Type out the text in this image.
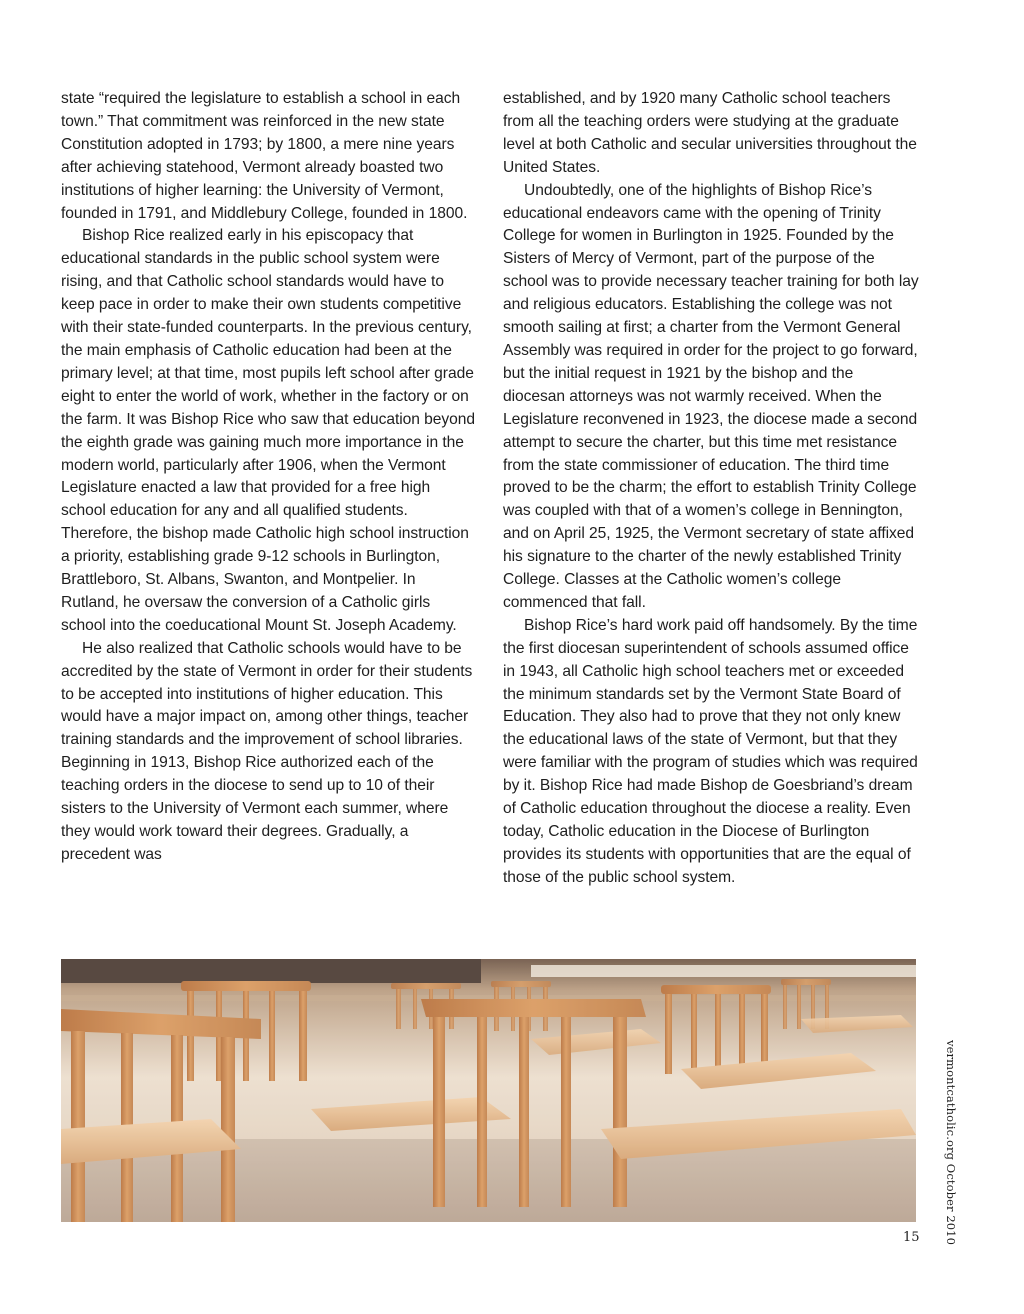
state “required the legislature to establish a school in each town.” That commitment was reinforced in the new state Constitution adopted in 1793; by 1800, a mere nine years after achieving statehood, Vermont already boasted two institutions of higher learning: the University of Vermont, founded in 1791, and Middlebury College, founded in 1800.

Bishop Rice realized early in his episcopacy that educational standards in the public school system were rising, and that Catholic school standards would have to keep pace in order to make their own students competitive with their state-funded counterparts. In the previous century, the main emphasis of Catholic education had been at the primary level; at that time, most pupils left school after grade eight to enter the world of work, whether in the factory or on the farm. It was Bishop Rice who saw that education beyond the eighth grade was gaining much more importance in the modern world, particularly after 1906, when the Vermont Legislature enacted a law that provided for a free high school education for any and all qualified students. Therefore, the bishop made Catholic high school instruction a priority, establishing grade 9-12 schools in Burlington, Brattleboro, St. Albans, Swanton, and Montpelier. In Rutland, he oversaw the conversion of a Catholic girls school into the coeducational Mount St. Joseph Academy.

He also realized that Catholic schools would have to be accredited by the state of Vermont in order for their students to be accepted into institutions of higher education. This would have a major impact on, among other things, teacher training standards and the improvement of school libraries. Beginning in 1913, Bishop Rice authorized each of the teaching orders in the diocese to send up to 10 of their sisters to the University of Vermont each summer, where they would work toward their degrees. Gradually, a precedent was

established, and by 1920 many Catholic school teachers from all the teaching orders were studying at the graduate level at both Catholic and secular universities throughout the United States.

Undoubtedly, one of the highlights of Bishop Rice’s educational endeavors came with the opening of Trinity College for women in Burlington in 1925. Founded by the Sisters of Mercy of Vermont, part of the purpose of the school was to provide necessary teacher training for both lay and religious educators. Establishing the college was not smooth sailing at first; a charter from the Vermont General Assembly was required in order for the project to go forward, but the initial request in 1921 by the bishop and the diocesan attorneys was not warmly received. When the Legislature reconvened in 1923, the diocese made a second attempt to secure the charter, but this time met resistance from the state commissioner of education. The third time proved to be the charm; the effort to establish Trinity College was coupled with that of a women’s college in Bennington, and on April 25, 1925, the Vermont secretary of state affixed his signature to the charter of the newly established Trinity College. Classes at the Catholic women’s college commenced that fall.

Bishop Rice’s hard work paid off handsomely. By the time the first diocesan superintendent of schools assumed office in 1943, all Catholic high school teachers met or exceeded the minimum standards set by the Vermont State Board of Education. They also had to prove that they not only knew the educational laws of the state of Vermont, but that they were familiar with the program of studies which was required by it. Bishop Rice had made Bishop de Goesbriand’s dream of Catholic education throughout the diocese a reality. Even today, Catholic education in the Diocese of Burlington provides its students with opportunities that are the equal of those of the public school system.

vermontcatholic.org October 2010
15
